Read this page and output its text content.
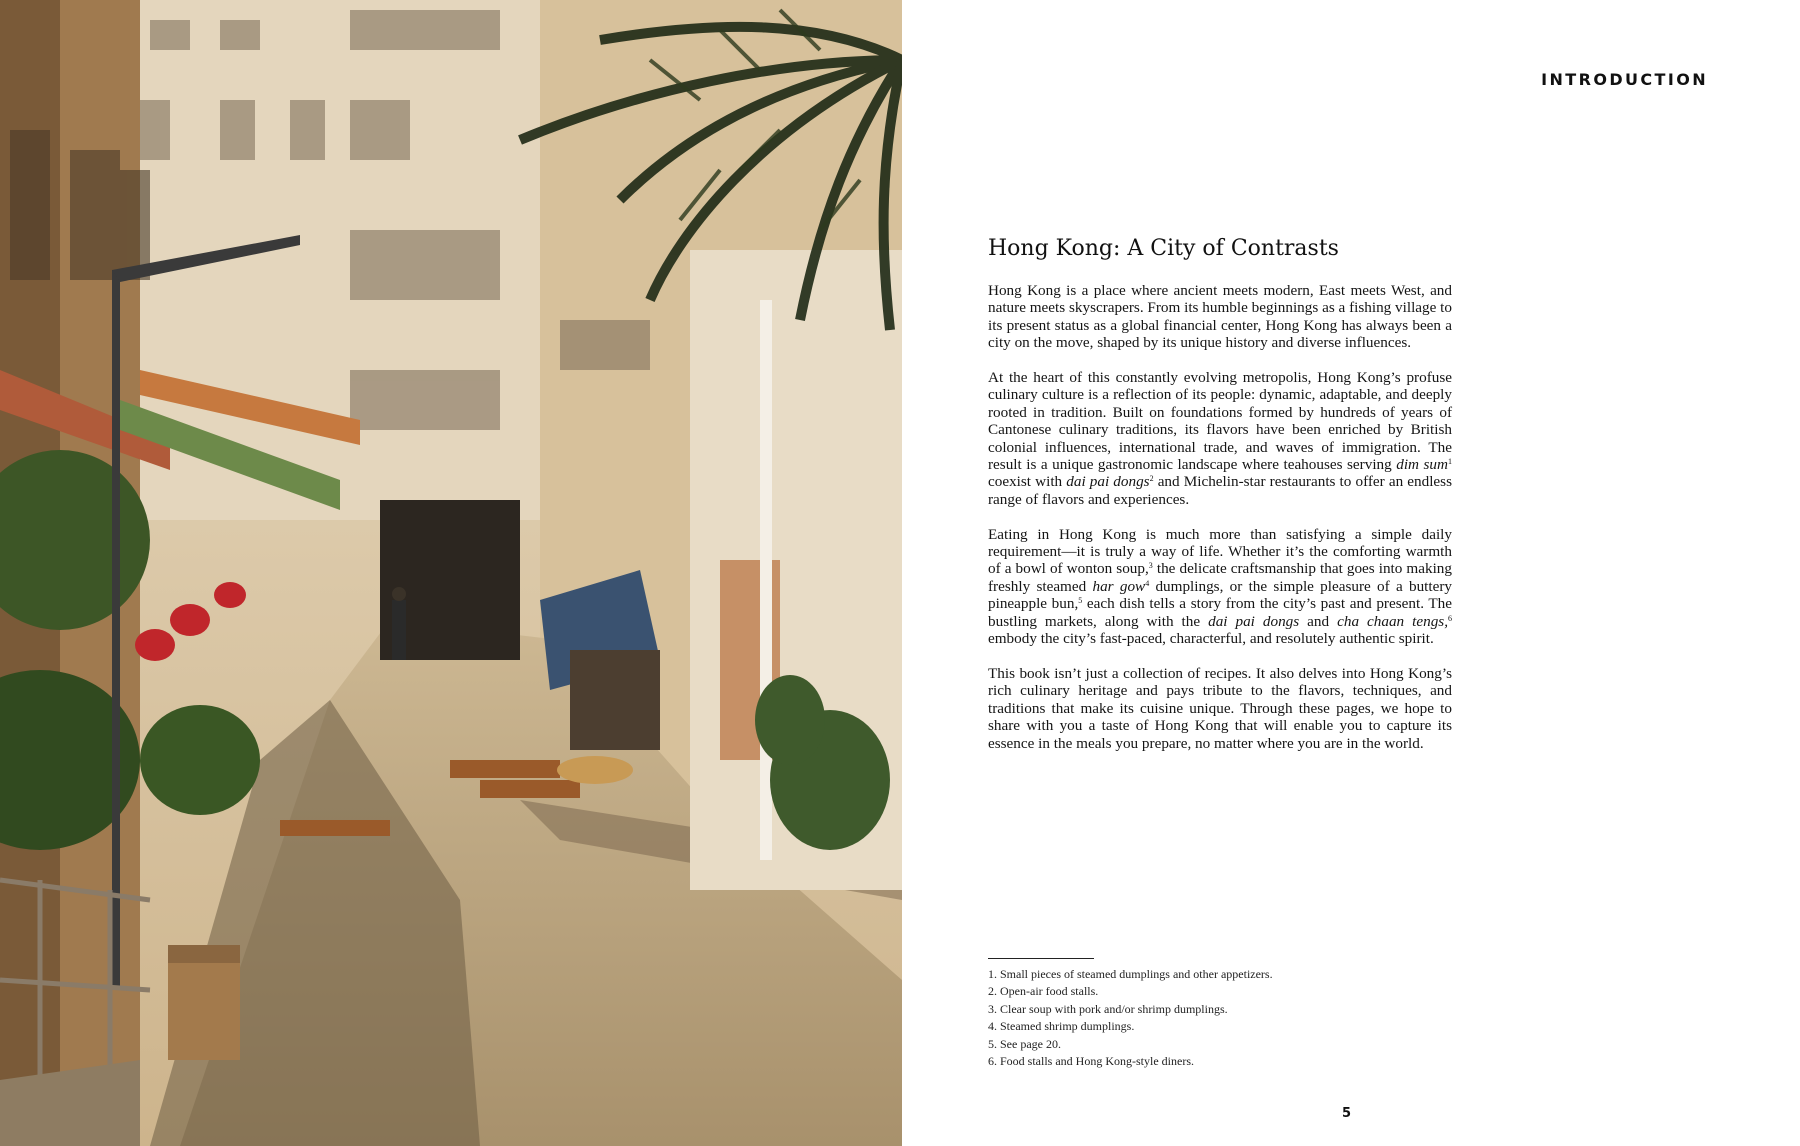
INTRODUCTION
Hong Kong: A City of Contrasts

Hong Kong is a place where ancient meets modern, East meets West, and nature meets skyscrapers. From its humble beginnings as a fishing village to its present status as a global financial center, Hong Kong has always been a city on the move, shaped by its unique history and diverse influences.

At the heart of this constantly evolving metropolis, Hong Kong’s profuse culinary culture is a reflection of its people: dynamic, adaptable, and deeply rooted in tradition. Built on foundations formed by hundreds of years of Cantonese culinary traditions, its flavors have been enriched by British colonial influences, international trade, and waves of immigration. The result is a unique gastronomic landscape where teahouses serving dim sum$^1$ coexist with dai pai dongs$^2$ and Michelin-star restaurants to offer an endless range of flavors and experiences.

Eating in Hong Kong is much more than satisfying a simple daily requirement—it is truly a way of life. Whether it’s the comforting warmth of a bowl of wonton soup,$^3$ the delicate craftsmanship that goes into making freshly steamed har gow$^4$ dumplings, or the simple pleasure of a buttery pineapple bun,$^5$ each dish tells a story from the city’s past and present. The bustling markets, along with the dai pai dongs and cha chaan tengs,$^6$ embody the city’s fast-paced, characterful, and resolutely authentic spirit.

This book isn’t just a collection of recipes. It also delves into Hong Kong’s rich culinary heritage and pays tribute to the flavors, techniques, and traditions that make its cuisine unique. Through these pages, we hope to share with you a taste of Hong Kong that will enable you to capture its essence in the meals you prepare, no matter where you are in the world.

1. Small pieces of steamed dumplings and other appetizers.
2. Open-air food stalls.
3. Clear soup with pork and/or shrimp dumplings.
4. Steamed shrimp dumplings.
5. See page 20.
6. Food stalls and Hong Kong-style diners.
5
